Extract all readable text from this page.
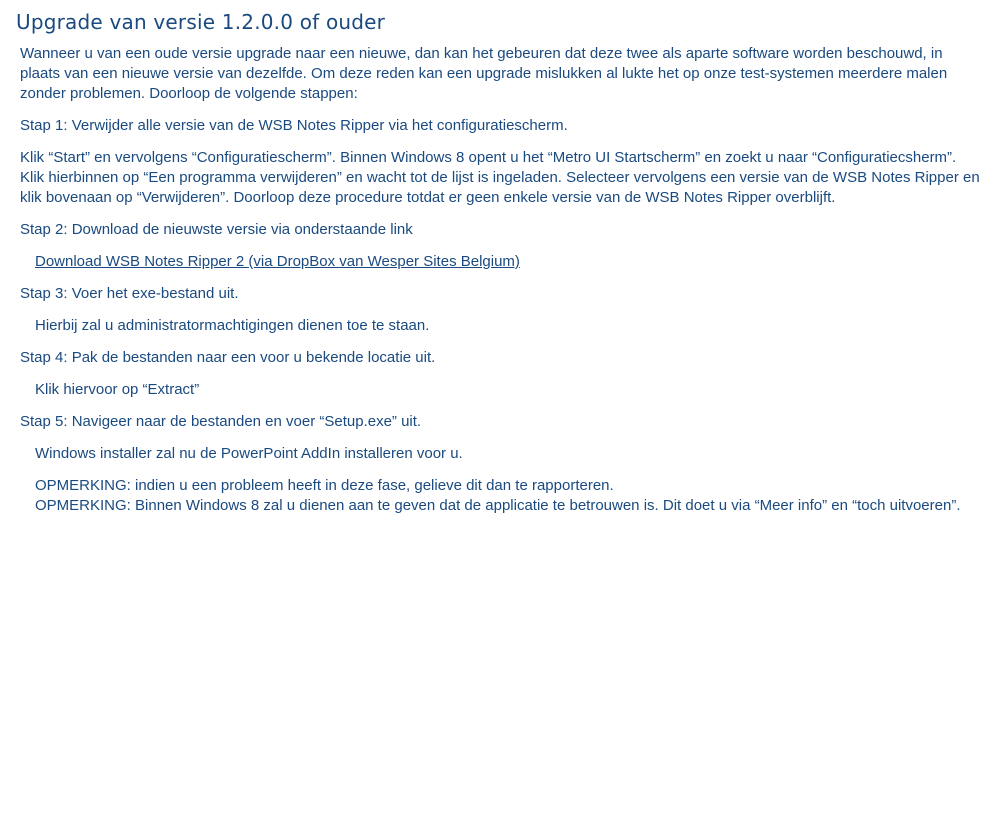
Upgrade van versie 1.2.0.0 of ouder

Wanneer u van een oude versie upgrade naar een nieuwe, dan kan het gebeuren dat deze twee als aparte software worden beschouwd, in plaats van een nieuwe versie van dezelfde. Om deze reden kan een upgrade mislukken al lukte het op onze test-systemen meerdere malen zonder problemen. Doorloop de volgende stappen:

Stap 1: Verwijder alle versie van de WSB Notes Ripper via het configuratiescherm.

Klik “Start” en vervolgens “Configuratiescherm”. Binnen Windows 8 opent u het “Metro UI Startscherm” en zoekt u naar “Configuratiecsherm”. Klik hierbinnen op “Een programma verwijderen” en wacht tot de lijst is ingeladen. Selecteer vervolgens een versie van de WSB Notes Ripper en klik bovenaan op “Verwijderen”. Doorloop deze procedure totdat er geen enkele versie van de WSB Notes Ripper overblijft.

Stap 2: Download de nieuwste versie via onderstaande link

Download WSB Notes Ripper 2 (via DropBox van Wesper Sites Belgium)

Stap 3: Voer het exe-bestand uit.

Hierbij zal u administratormachtigingen dienen toe te staan.

Stap 4: Pak de bestanden naar een voor u bekende locatie uit.

Klik hiervoor op “Extract”

Stap 5: Navigeer naar de bestanden en voer “Setup.exe” uit.

Windows installer zal nu de PowerPoint AddIn installeren voor u.

OPMERKING: indien u een probleem heeft in deze fase, gelieve dit dan te rapporteren.
OPMERKING: Binnen Windows 8 zal u dienen aan te geven dat de applicatie te betrouwen is. Dit doet u via “Meer info” en “toch uitvoeren”.
